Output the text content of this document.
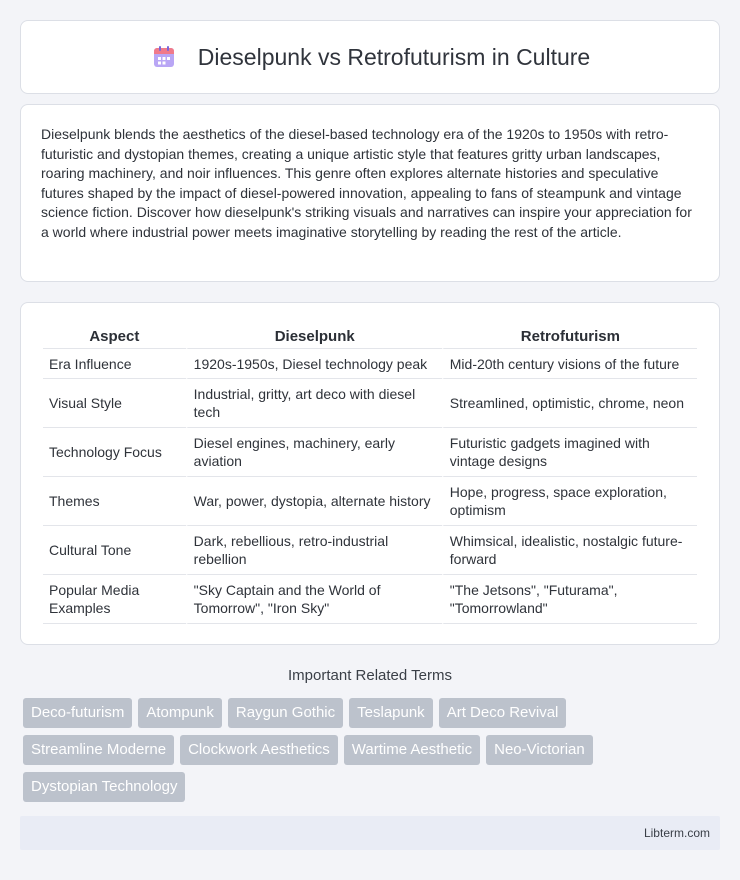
Dieselpunk vs Retrofuturism in Culture

Dieselpunk blends the aesthetics of the diesel-based technology era of the 1920s to 1950s with retro-futuristic and dystopian themes, creating a unique artistic style that features gritty urban landscapes, roaring machinery, and noir influences. This genre often explores alternate histories and speculative futures shaped by the impact of diesel-powered innovation, appealing to fans of steampunk and vintage science fiction. Discover how dieselpunk's striking visuals and narratives can inspire your appreciation for a world where industrial power meets imaginative storytelling by reading the rest of the article.

Aspect	Dieselpunk	Retrofuturism
Era Influence	1920s-1950s, Diesel technology peak	Mid-20th century visions of the future
Visual Style	Industrial, gritty, art deco with diesel tech	Streamlined, optimistic, chrome, neon
Technology Focus	Diesel engines, machinery, early aviation	Futuristic gadgets imagined with vintage designs
Themes	War, power, dystopia, alternate history	Hope, progress, space exploration, optimism
Cultural Tone	Dark, rebellious, retro-industrial rebellion	Whimsical, idealistic, nostalgic future-forward
Popular Media Examples	"Sky Captain and the World of Tomorrow", "Iron Sky"	"The Jetsons", "Futurama", "Tomorrowland"
Important Related Terms
Deco-futurism	Atompunk	Raygun Gothic	Teslapunk	Art Deco Revival
Streamline Moderne	Clockwork Aesthetics	Wartime Aesthetic	Neo-Victorian
Dystopian Technology
Libterm.com
